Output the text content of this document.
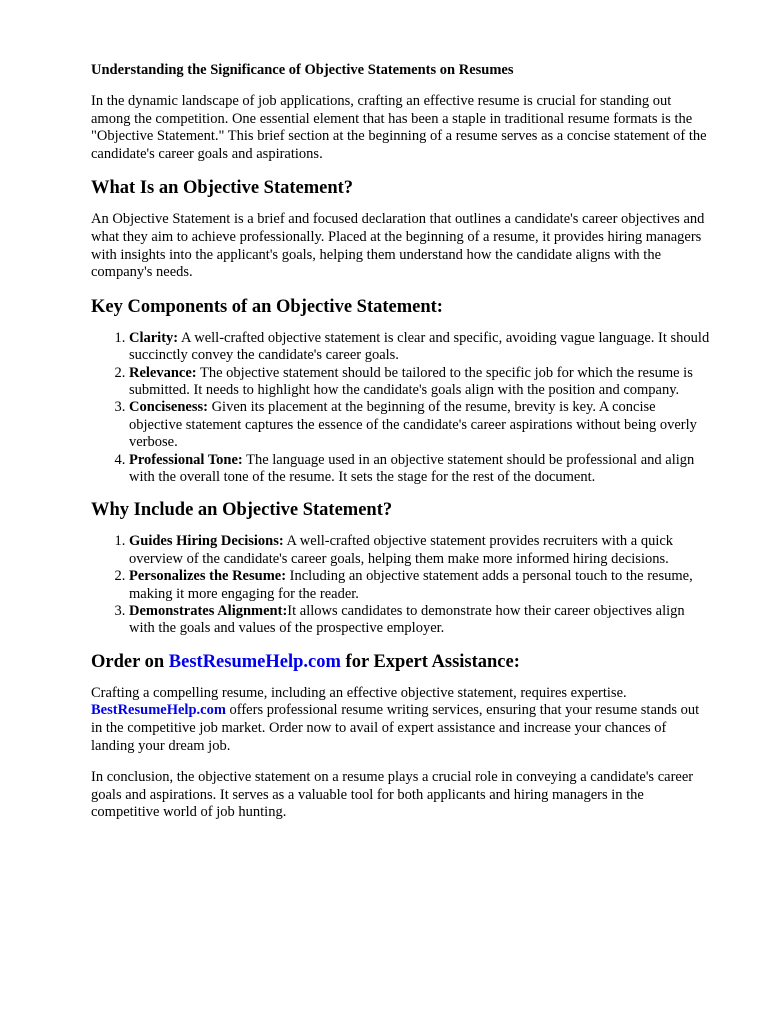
Understanding the Significance of Objective Statements on Resumes

In the dynamic landscape of job applications, crafting an effective resume is crucial for standing out among the competition. One essential element that has been a staple in traditional resume formats is the "Objective Statement." This brief section at the beginning of a resume serves as a concise statement of the candidate's career goals and aspirations.

What Is an Objective Statement?

An Objective Statement is a brief and focused declaration that outlines a candidate's career objectives and what they aim to achieve professionally. Placed at the beginning of a resume, it provides hiring managers with insights into the applicant's goals, helping them understand how the candidate aligns with the company's needs.

Key Components of an Objective Statement:
1. Clarity: A well-crafted objective statement is clear and specific, avoiding vague language. It should succinctly convey the candidate's career goals.
2. Relevance: The objective statement should be tailored to the specific job for which the resume is submitted. It needs to highlight how the candidate's goals align with the position and company.
3. Conciseness: Given its placement at the beginning of the resume, brevity is key. A concise objective statement captures the essence of the candidate's career aspirations without being overly verbose.
4. Professional Tone: The language used in an objective statement should be professional and align with the overall tone of the resume. It sets the stage for the rest of the document.
Why Include an Objective Statement?
1. Guides Hiring Decisions: A well-crafted objective statement provides recruiters with a quick overview of the candidate's career goals, helping them make more informed hiring decisions.
2. Personalizes the Resume: Including an objective statement adds a personal touch to the resume, making it more engaging for the reader.
3. Demonstrates Alignment:It allows candidates to demonstrate how their career objectives align with the goals and values of the prospective employer.
Order on BestResumeHelp.com for Expert Assistance:

Crafting a compelling resume, including an effective objective statement, requires expertise.
BestResumeHelp.com offers professional resume writing services, ensuring that your resume stands out in the competitive job market. Order now to avail of expert assistance and increase your chances of landing your dream job.

In conclusion, the objective statement on a resume plays a crucial role in conveying a candidate's career goals and aspirations. It serves as a valuable tool for both applicants and hiring managers in the competitive world of job hunting.
